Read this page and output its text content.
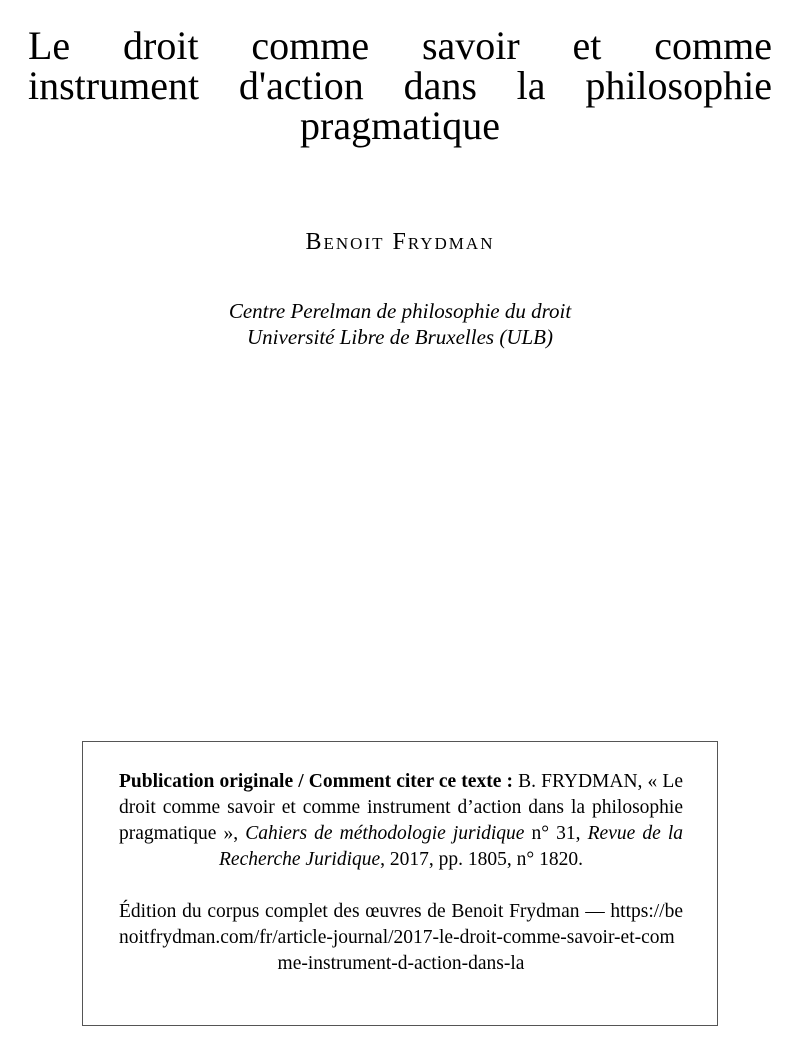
Le droit comme savoir et comme
instrument d'action dans la philosophie
pragmatique
Benoit Frydman
Centre Perelman de philosophie du droit
Université Libre de Bruxelles (ULB)
Publication originale / Comment citer ce texte : B. FRYDMAN, « Le droit comme savoir et comme instrument d’action dans la philosophie pragmatique », Cahiers de méthodologie juridique n° 31, Revue de la Recherche Juridique, 2017, pp. 1805, n° 1820.
Édition du corpus complet des œuvres de Benoit Frydman — https://benoitfrydman.com/fr/article-journal/2017-le-droit-comme-savoir-et-comme-instrument-d-action-dans-la
